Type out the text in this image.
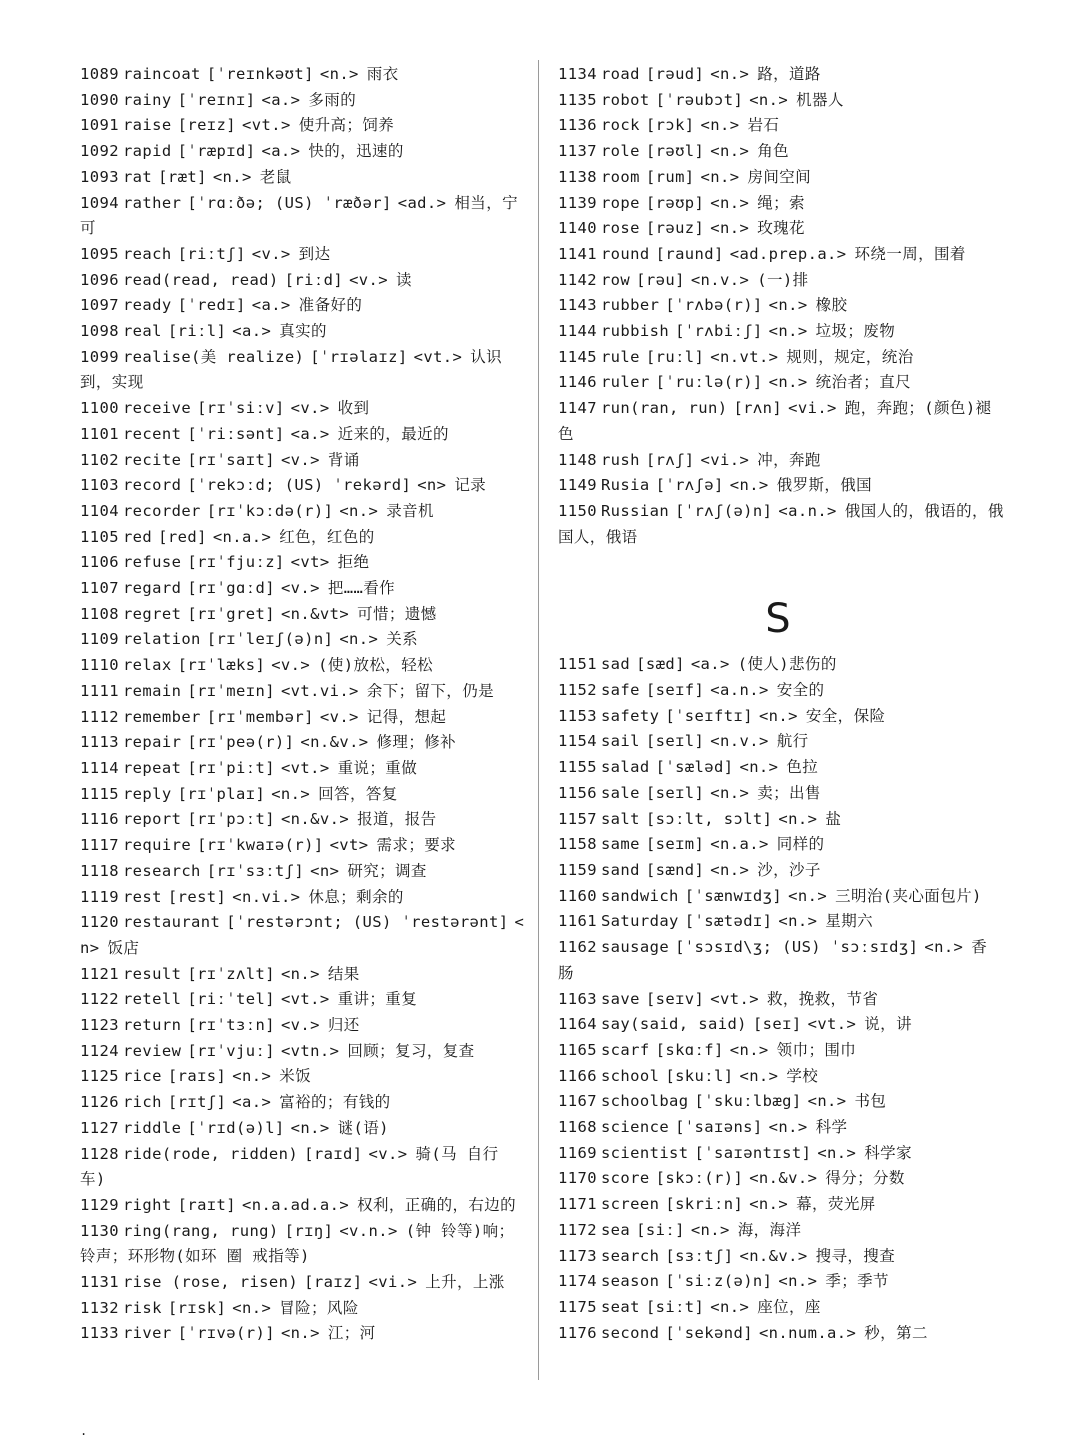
1089 raincoat [ˈreɪnkəʊt] <n.> 雨衣
1090 rainy [ˈreɪnɪ] <a.> 多雨的
1091 raise [reɪz] <vt.> 使升高；饲养
1092 rapid [ˈræpɪd] <a.> 快的，迅速的
1093 rat [ræt] <n.> 老鼠
1094 rather [ˈrɑːðə; (US) ˈræðər] <ad.> 相当，宁可
1095 reach [riːtʃ] <v.> 到达
1096 read(read, read) [riːd] <v.> 读
1097 ready [ˈredɪ] <a.> 准备好的
1098 real [riːl] <a.> 真实的
1099 realise(美 realize) [ˈrɪəlaɪz] <vt.> 认识到，实现
1100 receive [rɪˈsiːv] <v.> 收到
1101 recent [ˈriːsənt] <a.> 近来的，最近的
1102 recite [rɪˈsaɪt] <v.> 背诵
1103 record [ˈrekɔːd; (US) ˈrekərd] <n> 记录
1104 recorder [rɪˈkɔːdə(r)] <n.> 录音机
1105 red [red] <n.a.> 红色，红色的
1106 refuse [rɪˈfjuːz] <vt> 拒绝
1107 regard [rɪˈgɑːd] <v.> 把……看作
1108 regret [rɪˈgret] <n.&vt> 可惜；遗憾
1109 relation [rɪˈleɪʃ(ə)n] <n.> 关系
1110 relax [rɪˈlæks] <v.> (使)放松，轻松
1111 remain [rɪˈmeɪn] <vt.vi.> 余下；留下，仍是
1112 remember [rɪˈmembər] <v.> 记得，想起
1113 repair [rɪˈpeə(r)] <n.&v.> 修理；修补
1114 repeat [rɪˈpiːt] <vt.> 重说；重做
1115 reply [rɪˈplaɪ] <n.> 回答，答复
1116 report [rɪˈpɔːt] <n.&v.> 报道，报告
1117 require [rɪˈkwaɪə(r)] <vt> 需求；要求
1118 research [rɪˈsɜːtʃ] <n> 研究；调查
1119 rest [rest] <n.vi.> 休息；剩余的
1120 restaurant [ˈrestərɔnt; (US) ˈrestərənt] <n> 饭店
1121 result [rɪˈzʌlt] <n.> 结果
1122 retell [riːˈtel] <vt.> 重讲；重复
1123 return [rɪˈtɜːn] <v.> 归还
1124 review [rɪˈvjuː] <vtn.> 回顾；复习，复查
1125 rice [raɪs] <n.> 米饭
1126 rich [rɪtʃ] <a.> 富裕的；有钱的
1127 riddle [ˈrɪd(ə)l] <n.> 谜(语)
1128 ride(rode, ridden) [raɪd] <v.> 骑(马 自行车)
1129 right [raɪt] <n.a.ad.a.> 权利，正确的，右边的
1130 ring(rang, rung) [rɪŋ] <v.n.> (钟 铃等)响；铃声；环形物(如环 圈 戒指等)
1131 rise (rose, risen) [raɪz] <vi.> 上升，上涨
1132 risk [rɪsk] <n.> 冒险；风险
1133 river [ˈrɪvə(r)] <n.> 江；河
1134 road [rəud] <n.> 路，道路
1135 robot [ˈrəubɔt] <n.> 机器人
1136 rock [rɔk] <n.> 岩石
1137 role [rəʊl] <n.> 角色
1138 room [rum] <n.> 房间空间
1139 rope [rəʊp] <n.> 绳；索
1140 rose [rəuz] <n.> 玫瑰花
1141 round [raund] <ad.prep.a.> 环绕一周，围着
1142 row [rəu] <n.v.> (一)排
1143 rubber [ˈrʌbə(r)] <n.> 橡胶
1144 rubbish [ˈrʌbiːʃ] <n.> 垃圾；废物
1145 rule [ruːl] <n.vt.> 规则，规定，统治
1146 ruler [ˈruːlə(r)] <n.> 统治者；直尺
1147 run(ran, run) [rʌn] <vi.> 跑，奔跑；(颜色)褪色
1148 rush [rʌʃ] <vi.> 冲，奔跑
1149 Rusia [ˈrʌʃə] <n.> 俄罗斯，俄国
1150 Russian [ˈrʌʃ(ə)n] <a.n.> 俄国人的，俄语的，俄国人，俄语
S
1151 sad [sæd] <a.> (使人)悲伤的
1152 safe [seɪf] <a.n.> 安全的
1153 safety [ˈseɪftɪ] <n.> 安全，保险
1154 sail [seɪl] <n.v.> 航行
1155 salad [ˈsæləd] <n.> 色拉
1156 sale [seɪl] <n.> 卖；出售
1157 salt [sɔːlt, sɔlt] <n.> 盐
1158 same [seɪm] <n.a.> 同样的
1159 sand [sænd] <n.> 沙，沙子
1160 sandwich [ˈsænwɪdʒ] <n.> 三明治(夹心面包片)
1161 Saturday [ˈsætədɪ] <n.> 星期六
1162 sausage [ˈsɔsɪd\ʒ; (US) ˈsɔːsɪdʒ] <n.> 香肠
1163 save [seɪv] <vt.> 救，挽救，节省
1164 say(said, said) [seɪ] <vt.> 说，讲
1165 scarf [skɑːf] <n.> 领巾；围巾
1166 school [skuːl] <n.> 学校
1167 schoolbag [ˈskuːlbæg] <n.> 书包
1168 science [ˈsaɪəns] <n.> 科学
1169 scientist [ˈsaɪəntɪst] <n.> 科学家
1170 score [skɔː(r)] <n.&v.> 得分；分数
1171 screen [skriːn] <n.> 幕，荧光屏
1172 sea [siː] <n.> 海，海洋
1173 search [sɜːtʃ] <n.&v.> 搜寻，搜查
1174 season [ˈsiːz(ə)n] <n.> 季；季节
1175 seat [siːt] <n.> 座位，座
1176 second [ˈsekənd] <n.num.a.> 秒，第二
.
